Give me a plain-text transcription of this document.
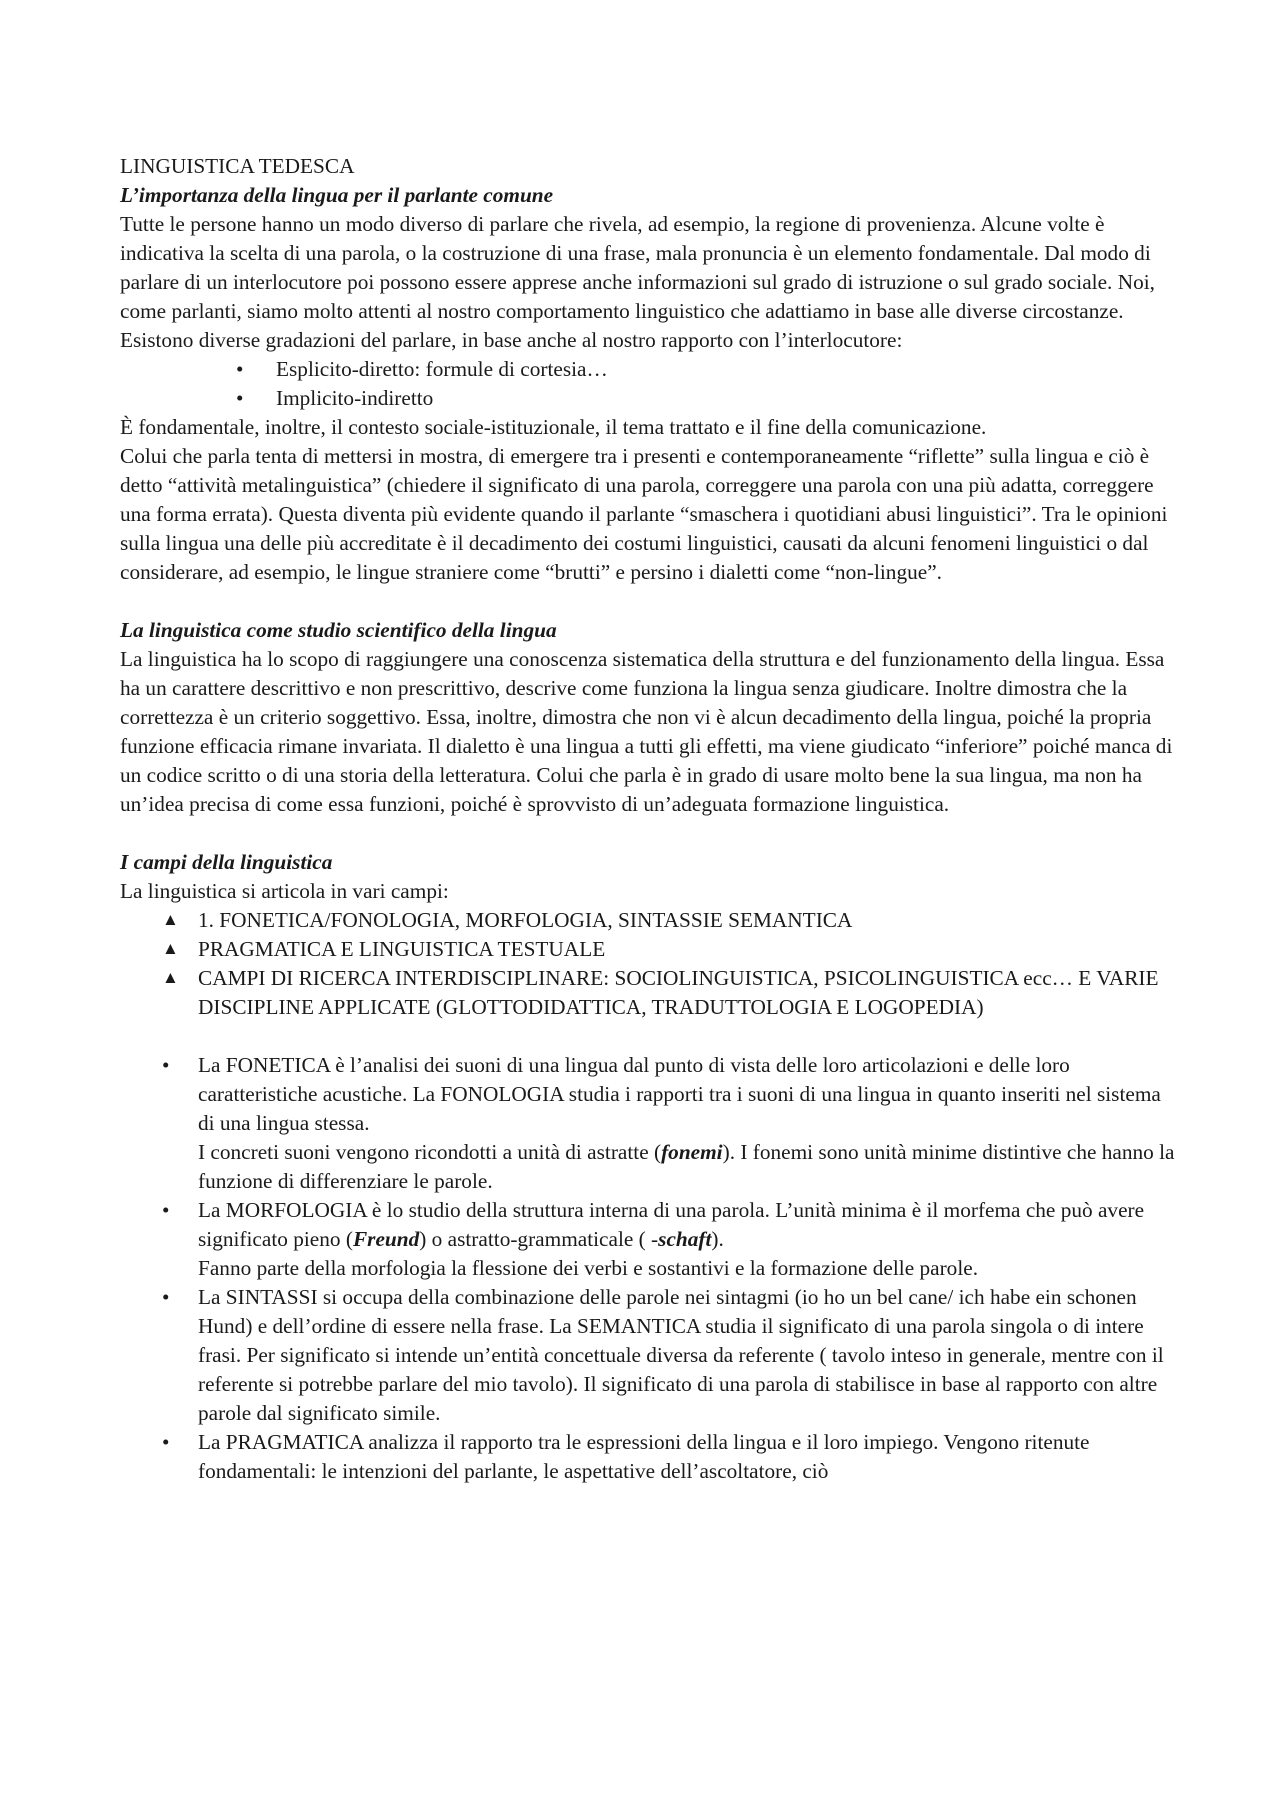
LINGUISTICA TEDESCA

L’importanza della lingua per il parlante comune

Tutte le persone hanno un modo diverso di parlare che rivela, ad esempio, la regione di provenienza. Alcune volte è indicativa la scelta di una parola, o la costruzione di una frase, mala pronuncia è un elemento fondamentale. Dal modo di parlare di un interlocutore poi possono essere apprese anche informazioni sul grado di istruzione o sul grado sociale. Noi, come parlanti, siamo molto attenti al nostro comportamento linguistico che adattiamo in base alle diverse circostanze. Esistono diverse gradazioni del parlare, in base anche al nostro rapporto con l’interlocutore:

• Esplicito-diretto: formule di cortesia…
• Implicito-indiretto

È fondamentale, inoltre, il contesto sociale-istituzionale, il tema trattato e il fine della comunicazione.

Colui che parla tenta di mettersi in mostra, di emergere tra i presenti e contemporaneamente “riflette” sulla lingua e ciò è detto “attività metalinguistica” (chiedere il significato di una parola, correggere una parola con una più adatta, correggere una forma errata). Questa diventa più evidente quando il parlante “smaschera i quotidiani abusi linguistici”. Tra le opinioni sulla lingua una delle più accreditate è il decadimento dei costumi linguistici, causati da alcuni fenomeni linguistici o dal considerare, ad esempio, le lingue straniere come “brutti” e persino i dialetti come “non-lingue”.

La linguistica come studio scientifico della lingua

La linguistica ha lo scopo di raggiungere una conoscenza sistematica della struttura e del funzionamento della lingua. Essa ha un carattere descrittivo e non prescrittivo, descrive come funziona la lingua senza giudicare. Inoltre dimostra che la correttezza è un criterio soggettivo. Essa, inoltre, dimostra che non vi è alcun decadimento della lingua, poiché la propria funzione efficacia rimane invariata. Il dialetto è una lingua a tutti gli effetti, ma viene giudicato “inferiore” poiché manca di un codice scritto o di una storia della letteratura. Colui che parla è in grado di usare molto bene la sua lingua, ma non ha un’idea precisa di come essa funzioni, poiché è sprovvisto di un’adeguata formazione linguistica.

I campi della linguistica

La linguistica si articola in vari campi:

▲ 1. FONETICA/FONOLOGIA, MORFOLOGIA, SINTASSIE SEMANTICA
▲ PRAGMATICA E LINGUISTICA TESTUALE
▲ CAMPI DI RICERCA INTERDISCIPLINARE: SOCIOLINGUISTICA, PSICOLINGUISTICA ecc… E VARIE DISCIPLINE APPLICATE (GLOTTODIDATTICA, TRADUTTOLOGIA E LOGOPEDIA)
• La FONETICA è l’analisi dei suoni di una lingua dal punto di vista delle loro articolazioni e delle loro caratteristiche acustiche. La FONOLOGIA studia i rapporti tra i suoni di una lingua in quanto inseriti nel sistema di una lingua stessa.

I concreti suoni vengono ricondotti a unità di astratte (fonemi). I fonemi sono unità minime distintive che hanno la funzione di differenziare le parole.

• La MORFOLOGIA è lo studio della struttura interna di una parola. L’unità minima è il morfema che può avere significato pieno (Freund) o astratto-grammaticale ( -schaft).

Fanno parte della morfologia la flessione dei verbi e sostantivi e la formazione delle parole.

• La SINTASSI si occupa della combinazione delle parole nei sintagmi (io ho un bel cane/ ich habe ein schonen Hund) e dell’ordine di essere nella frase. La SEMANTICA studia il significato di una parola singola o di intere frasi. Per significato si intende un’entità concettuale diversa da referente ( tavolo inteso in generale, mentre con il referente si potrebbe parlare del mio tavolo). Il significato di una parola di stabilisce in base al rapporto con altre parole dal significato simile.

• La PRAGMATICA analizza il rapporto tra le espressioni della lingua e il loro impiego. Vengono ritenute fondamentali: le intenzioni del parlante, le aspettative dell’ascoltatore, ciò
